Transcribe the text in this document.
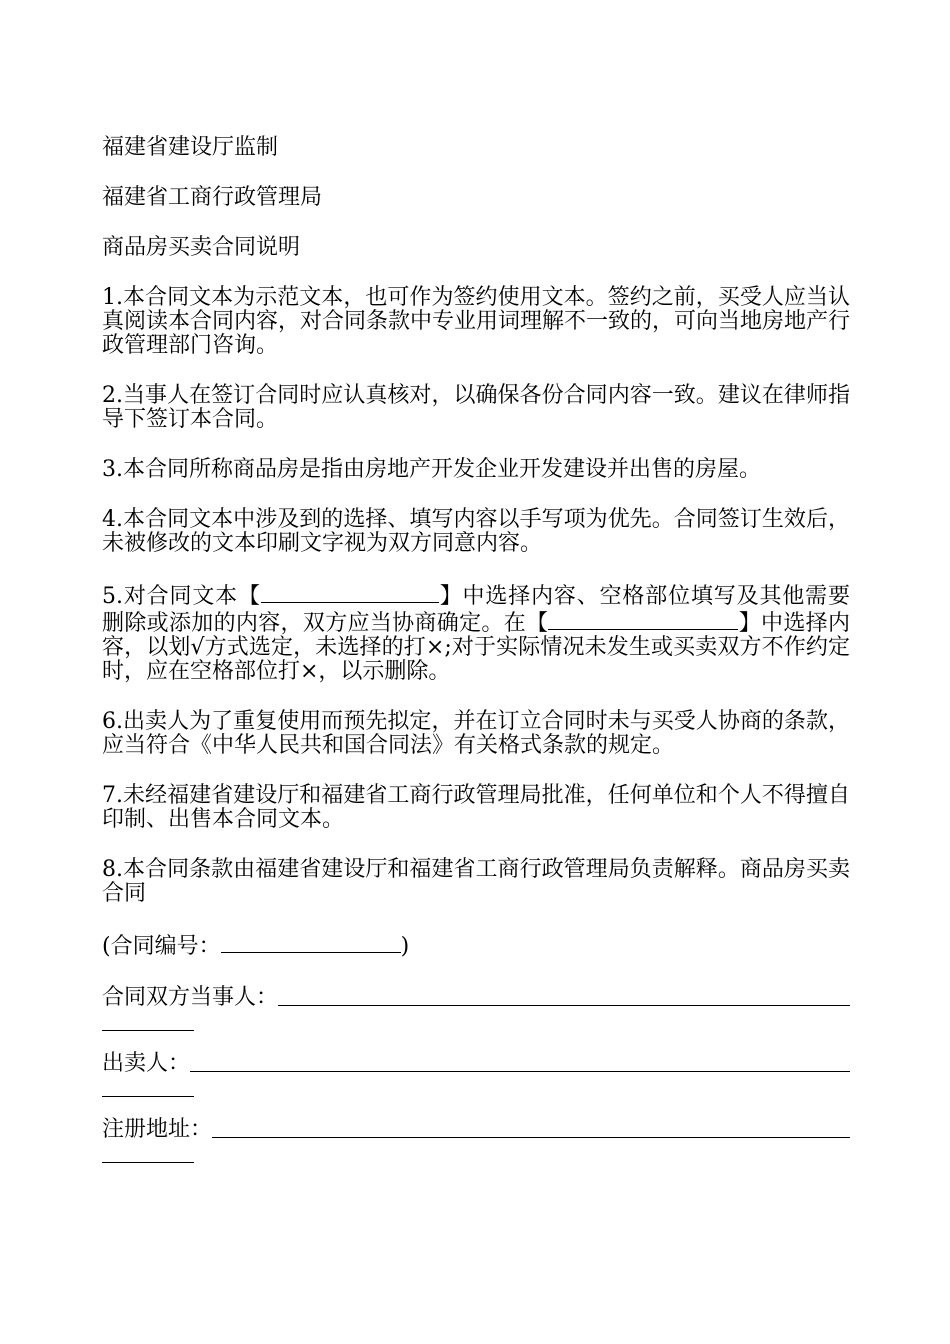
福建省建设厅监制

福建省工商行政管理局

商品房买卖合同说明

1.本合同文本为示范文本，也可作为签约使用文本。签约之前，买受人应当认真阅读本合同内容，对合同条款中专业用词理解不一致的，可向当地房地产行政管理部门咨询。

2.当事人在签订合同时应认真核对，以确保各份合同内容一致。建议在律师指导下签订本合同。

3.本合同所称商品房是指由房地产开发企业开发建设并出售的房屋。

4.本合同文本中涉及到的选择、填写内容以手写项为优先。合同签订生效后，未被修改的文本印刷文字视为双方同意内容。

5.对合同文本【	】中选择内容、空格部位填写及其他需要删除或添加的内容，双方应当协商确定。在【	】中选择内容，以划√方式选定，未选择的打×;对于实际情况未发生或买卖双方不作约定时，应在空格部位打×，以示删除。

6.出卖人为了重复使用而预先拟定，并在订立合同时未与买受人协商的条款，应当符合《中华人民共和国合同法》有关格式条款的规定。

7.未经福建省建设厅和福建省工商行政管理局批准，任何单位和个人不得擅自印制、出售本合同文本。

8.本合同条款由福建省建设厅和福建省工商行政管理局负责解释。商品房买卖合同

(合同编号：	)

合同双方当事人：
出卖人：
注册地址：
